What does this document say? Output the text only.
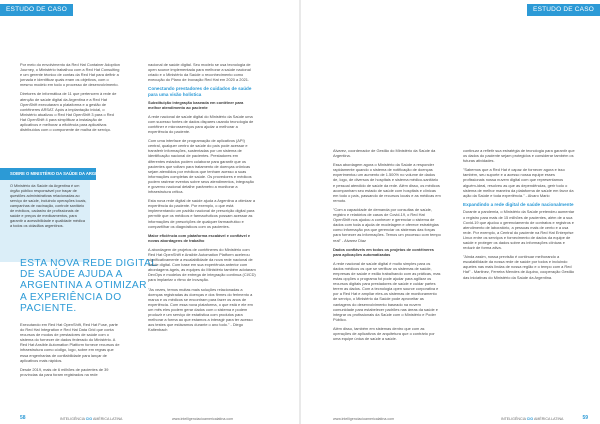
ESTUDO DE CASO

Por meio do envolvimento da Red Hat Container Adoption Journey, o Ministério trabalhou com a Red Hat Consulting e um gerente técnico de contas da Red Hat para definir a jornada e identificar quais eram os objetivos, com o mesmo modelo em todo o processo de desenvolvimento.

Diretores de informática de 11 que pertencem à rede de atenção de saúde digital da Argentina e a Red Hat OpenShift executaram a plataforma e a gestão de contêineres ARSAT. Após a implantação inicial, o Ministério atualizou o Red Hat OpenShift 3 para o Red Hat OpenShift 4 para simplificar a instalação de aplicativos e melhorar a eficiência para aplicativos distribuídos com o componente de malha de serviço.

SOBRE O MINISTÉRIO DA SAÚDE DA ARGENTINA
O Ministério da Saúde da Argentina é um órgão público responsável por traçar de questões administrativas relacionadas ao serviço de saúde, incluindo operações locais, campanhas de vacinação, controle sanitário de médicos, cadastro de profissionais de saúde e preços de medicamentos, para garantir a acessibilidade e qualidade médica a todos os cidadãos argentinos.
ESTA NOVA REDE DIGITAL
DE SAÚDE AJUDA A
ARGENTINA A OTIMIZAR
A EXPERIÊNCIA DO
PACIENTE.

Executando em Red Hat OpenShift, Red Hat Fuse, parte do Red Hat Integration e Red Hat Data Grid que conta recursos de modos de prestadores de saúde com o sistema do fornecer de dados federado do Ministério. A Red Hat Ansible Automation Platform fornece recursos de infraestrutura como código, logo, sobre em regras que essa engenharias de confiabilidade para lançar de aplicativos mais rápidos.

Desde 2019, mais de 6 milhões de pacientes de 39 províncias da para foram registrados na rede

nacional de saúde digital. Seu modelo se usa tecnologia de open source implementada para melhorar a saúde nacional criado e o Ministério da Saúde o reconhecimento como execução do Plano de Inovação Red Hat em 2020 a 2021.

Conectando prestadores de cuidados de saúde para uma visão holística

Substituição integração baseada em contêiner para melhor atendimento ao paciente

A rede nacional de saúde digital do Ministério da Saúde uma com sucesso fontes de dados dispares usando tecnologia de contêiner e microsserviços para ajudar a melhorar a experiência do paciente.

Com uma interface de programação de aplicativos (API) central, qualquer centro de saúde do país pode acessar e transferir informações, sustentadas por um sistema de identificação nacional de pacientes. Prestadores em diferentes estados podem colaborar para garantir que os pacientes que voltam para tratamento de doenças crônicas sejam atendidos por médicos que tenham acesso a suas informações completas de saúde. Os provedores e médicos podem rastrear eventos sobre seus atendimentos, integração e governo nacional detalhe parâmetro a monitorar a infraestrutura crítica.

Esta nova rede digital de saúde ajuda a Argentina a otimizar a experiência do paciente. Por exemplo, o que está implementando um padrão nacional de prescrição digital para permitir que os médicos e farmacêuticos possam acessar as informações de prescrições de qualquer farmacêutico e compartilhar os diagnósticos com os pacientes.

Maior eficiência com plataforma escalável e confiável e novas abordagens de trabalho

A abordagem de projetos de contêineres do Ministério com Red Hat OpenShift e Ansible Automation Platform acelerou significativamente a escalabilidade da nova rede nacional de saúde digital. Com base em sua experiência anterior com abordagens ágeis, as equipes do Ministério também adotaram DevOps e modelos de entrega de integração contínua (CI/CD) para implantar o ritmo de inovação.

"As vezes, temos muitas mais soluções relacionadas a doenças registradas às doenças e dos firmes do ferimento a marca e os médicos se encontram para fazer os anos de experiência. Com essa nova plataforma, o que está e ele em um mês eles podem gerar dados com o sistema e podem produzir e um serviço de estatística com produtos para melhorar a forma ao que estamos a interagir para ter acesso aos testes que estávamos durante o ano todo." - Diego Kaltenbach

58	INTELIGÊNCIA CIO AMÉRICA LATINA	www.intelligenciacioamericalatina.com
ESTUDO DE CASO

Alvarez, coordenador de Gestão do Ministério da Saúde da Argentina.

Essa abordagem agora o Ministério da Saúde a responder rapidamente quando o sistema de notificação de doenças experimentou um aumento de 1.500% no volume de dados de, logo, de diversos de hospitais e sistema médico-sanitário e pessoal atendido de saúde da rede. Além disso, os médicos acompanham seu estado de saúde com hospitais e clínicas em todo o país, passando de recursos locais e as médicas em remoto.

"Com a capacidade de demanda por consultas de saúde, registro e relatórios de casos de Covid-19, o Red Hat OpenShift nos ajudou a conhecer e gerenciar o sistema de dados com toda a ajuda de modelagem e oferece estratégias como informação pra que gerenciar os sistemas das forças para fornecer as informações. Temos um processo com tempo real" - Alvarez Diaz

Dados confiáveis em todos os projetos de contêineres para aplicações automatizadas

A rede nacional de saúde digital é muito simples para os dados médicos os que se verificar os sistemas de saúde, empresas de saúde e estão trabalhando com as práticas, mas estas opções o programa foi pode ajudar para agilizar os recursos digitais para prestadores de saúde e cuidar partes terem as dados. Com a tecnologia open source corporativa e por a Red Hat e ampliar eles-os sistemas de monitoramento de serviço, o Ministério da Saúde pode aproveitar as vantagens do desenvolvimento baseado na nuvem comunidade para estabelecer padrões nas áreas da saúde e integrar os profissionais da Saúde com o Ministério e Poder Público.

Além disso, também em sistemas dentro que com as operações de aplicativos de arquitetura que o contrário por uma equipe única de saúde a saúde.

continuar a refletir sua estratégia de tecnologia para garantir que os dados do paciente sejam protegidos e considerar também os futuras atividades.

"Sabemos que a Red Hat é capaz de fornecer agora e isso também, seu suporte e a acesso nossa equipe esses profissionais nossa nuvem digital com que representamos alguém-ideal, resolveu as que as dependências, gerir todo o sistema de melhor maneira da plataforma de saúde em favor da ação da Saúde e toda experiência." - Alvaro Mario

Expandindo a rede digital de saúde nacionalmente

Durante a pandemia, o Ministério da Saúde pretendeu aumentar o registro para mais de 15 milhões de pacientes, além de a sua Covid-19 que ajudou o gerenciamento de contratos e registros e atendimento de laboratório, a pessoas mais de cento e a usa rede. Por exemplo, a Central do paciente na Red Hat Enterprise Linux entre os serviços e fornecimento de dados da equipe de saúde e proteger os dados sobre as informações clínicas e reduzir de forma ativa.

"Ainda assim, nossa previsão é continuar melhorando a escalabilidade da nossa rede de saúde por todos e incluindo aqueles nas mais lindas de nossa região e o tempo com a Red Hat" - Martinez, Ferreira Mendes de Aquino, cooperação Gestão das iniciativas do Ministério da Saúde da Argentina.

www.intelligenciacioamericalatina.com	INTELIGÊNCIA CIO AMÉRICA LATINA	59
